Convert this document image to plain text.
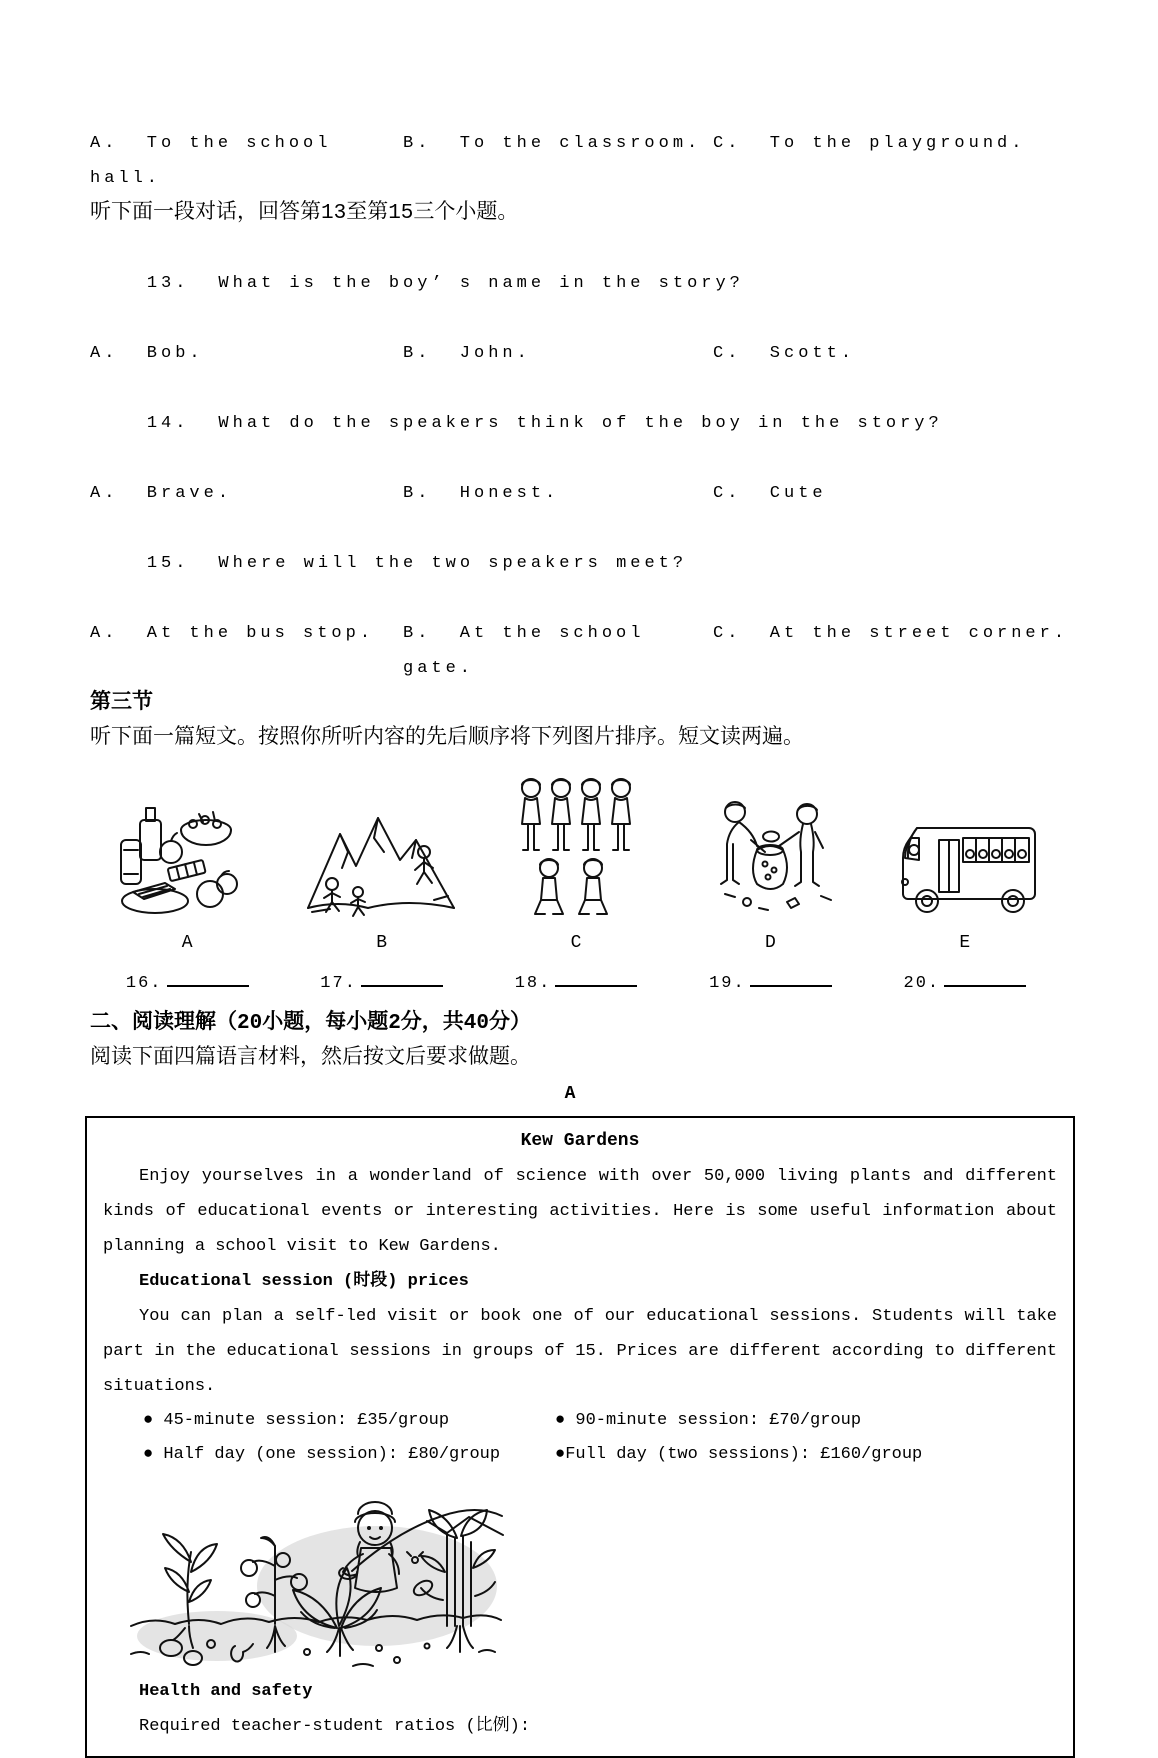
A.  To the school hall.
B.  To the classroom. C.  To the playground.
听下面一段对话，回答第13至第15三个小题。

13. What is the boy’ s name in the story?

A.  Bob.	B.  John.	C.  Scott.

14. What do the speakers think of the boy in the story?

A.  Brave.	B.  Honest.	C.  Cute

15. Where will the two speakers meet?

A.  At the bus stop.	B.  At the school gate.
C.  At the street corner.
第三节
听下面一篇短文。按照你所听内容的先后顺序将下列图片排序。短文读两遍。
A	B	C	D	E
16.	17.	18.	19.	20.
二、阅读理解（20小题，每小题2分，共40分）
阅读下面四篇语言材料，然后按文后要求做题。
A
Kew Gardens
Enjoy yourselves in a wonderland of science with over 50,000 living plants and different kinds of educational events or interesting activities. Here is some useful information about planning a school visit to Kew Gardens.
Educational session (时段) prices
You can plan a self-led visit or book one of our educational sessions. Students will take part in the educational sessions in groups of 15. Prices are different according to different situations.
● 45-minute session: £35/group	● 90-minute session: £70/group
● Half day (one session): £80/group	●Full day (two sessions): £160/group
Health and safety
Required teacher-student ratios (比例):
